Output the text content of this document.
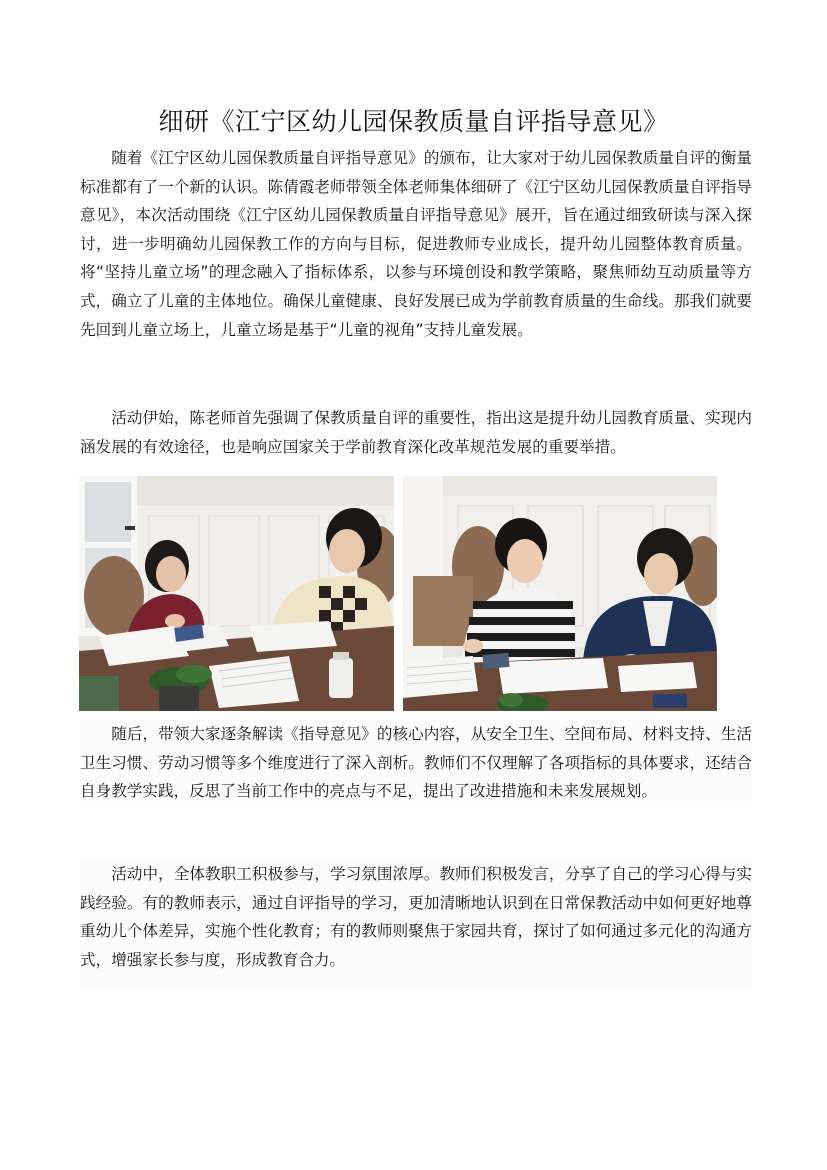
细研《江宁区幼儿园保教质量自评指导意见》

随着《江宁区幼儿园保教质量自评指导意见》的颁布，让大家对于幼儿园保教质量自评的衡量标准都有了一个新的认识。陈倩霞老师带领全体老师集体细研了《江宁区幼儿园保教质量自评指导意见》，本次活动围绕《江宁区幼儿园保教质量自评指导意见》展开，旨在通过细致研读与深入探讨，进一步明确幼儿园保教工作的方向与目标，促进教师专业成长，提升幼儿园整体教育质量。将“坚持儿童立场”的理念融入了指标体系，以参与环境创设和教学策略，聚焦师幼互动质量等方式，确立了儿童的主体地位。确保儿童健康、良好发展已成为学前教育质量的生命线。那我们就要先回到儿童立场上，儿童立场是基于“儿童的视角”支持儿童发展。

活动伊始，陈老师首先强调了保教质量自评的重要性，指出这是提升幼儿园教育质量、实现内涵发展的有效途径，也是响应国家关于学前教育深化改革规范发展的重要举措。

随后，带领大家逐条解读《指导意见》的核心内容，从安全卫生、空间布局、材料支持、生活卫生习惯、劳动习惯等多个维度进行了深入剖析。教师们不仅理解了各项指标的具体要求，还结合自身教学实践，反思了当前工作中的亮点与不足，提出了改进措施和未来发展规划。

活动中，全体教职工积极参与，学习氛围浓厚。教师们积极发言，分享了自己的学习心得与实践经验。有的教师表示，通过自评指导的学习，更加清晰地认识到在日常保教活动中如何更好地尊重幼儿个体差异，实施个性化教育；有的教师则聚焦于家园共育，探讨了如何通过多元化的沟通方式，增强家长参与度，形成教育合力。
